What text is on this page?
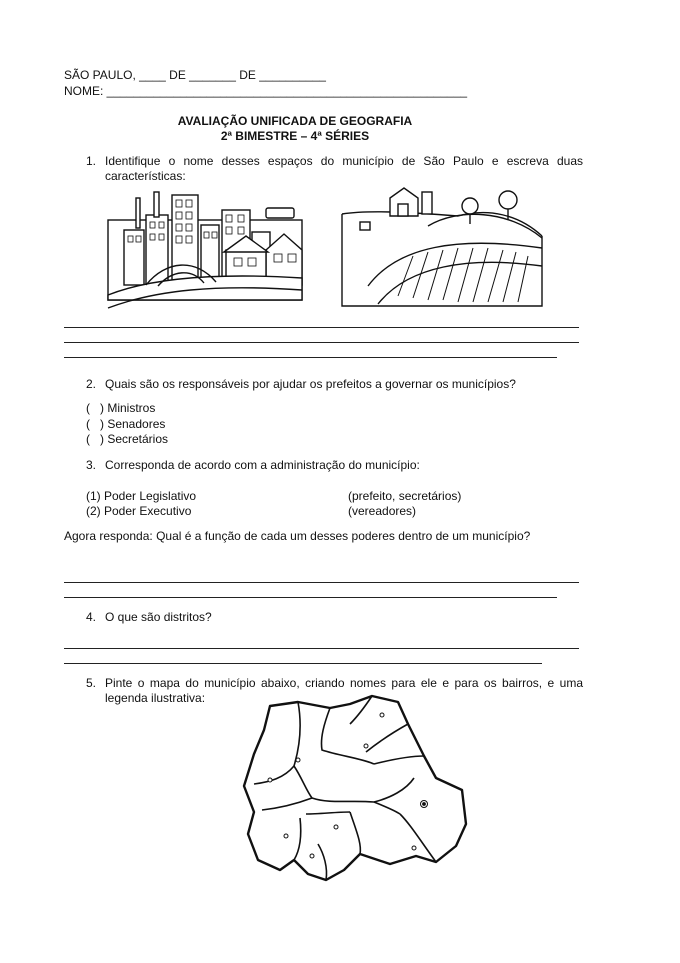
SÃO PAULO, ____ DE _______ DE __________
NOME: ______________________________________________________
AVALIAÇÃO UNIFICADA DE GEOGRAFIA
2ª BIMESTRE – 4ª SÉRIES
1. Identifique o nome desses espaços do município de São Paulo e escreva duas características:
2. Quais são os responsáveis por ajudar os prefeitos a governar os municípios?
(   ) Ministros
(   ) Senadores
(   ) Secretários
3. Corresponda de acordo com a administração do município:
(1) Poder Legislativo
(2) Poder Executivo
(prefeito, secretários)
(vereadores)
Agora responda: Qual é a função de cada um desses poderes dentro de um município?
4. O que são distritos?
5. Pinte o mapa do município abaixo, criando nomes para ele e para os bairros, e uma legenda ilustrativa:
